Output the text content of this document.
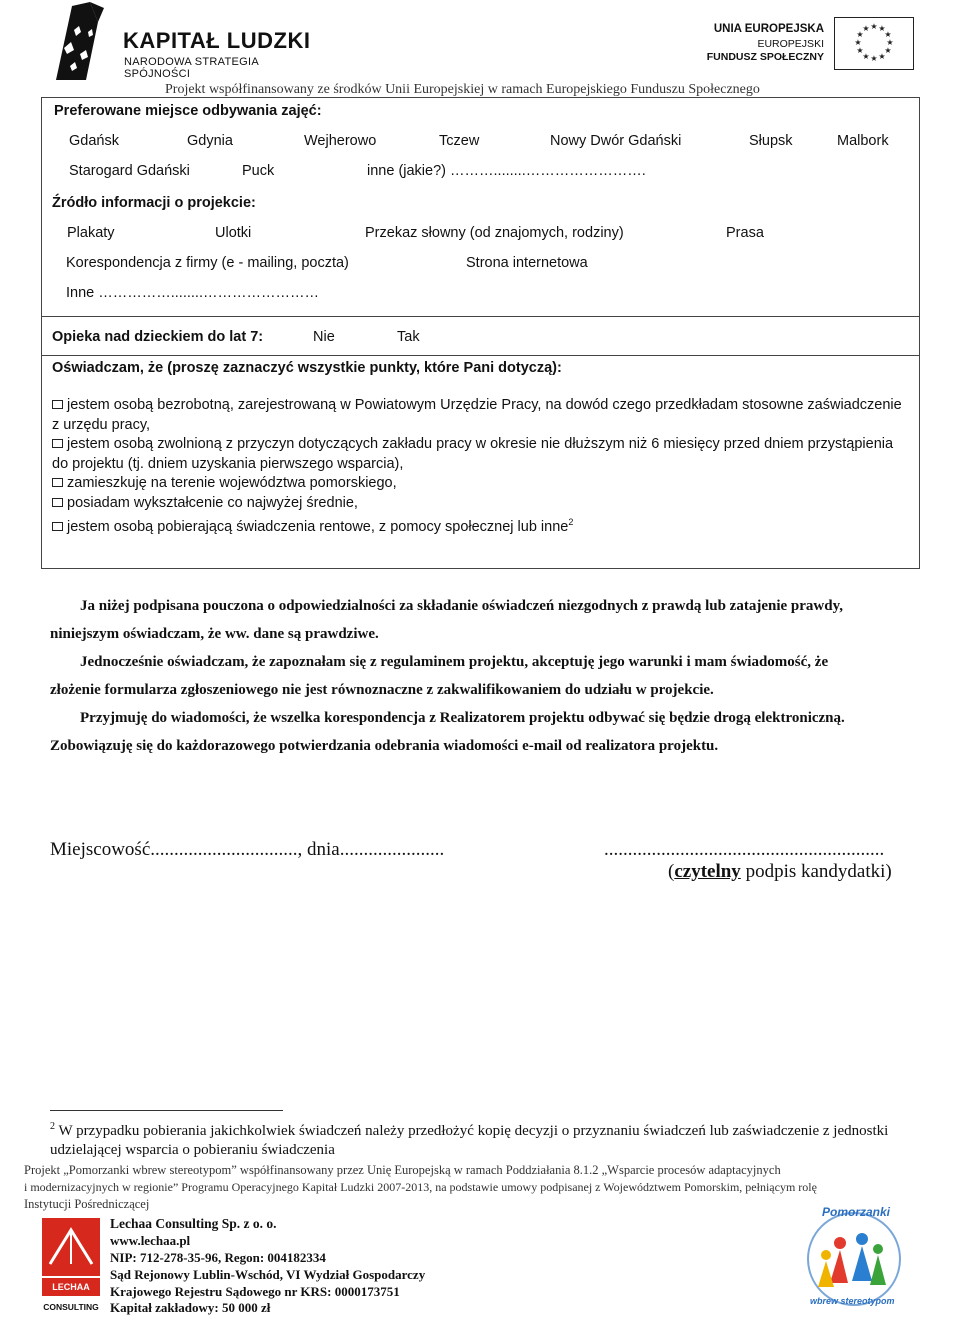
KAPITAŁ LUDZKI
NARODOWA STRATEGIA SPÓJNOŚCI
UNIA EUROPEJSKA
EUROPEJSKI
FUNDUSZ SPOŁECZNY
★ ★
★
★
★
★
★
★
★
★
★
★
Projekt współfinansowany ze środków Unii Europejskiej w ramach Europejskiego Funduszu Społecznego
Preferowane miejsce odbywania zajęć:
Gdańsk	Gdynia	Wejherowo	Tczew	Nowy Dwór Gdański	Słupsk	Malbork
Starogard Gdański	Puck	inne (jakie?) ………........…………………….
Źródło informacji o projekcie:
Plakaty	Ulotki	Przekaz słowny (od znajomych, rodziny)	Prasa
Korespondencja z firmy (e - mailing, poczta)	Strona internetowa
Inne ……………........……………………
Opieka nad dzieckiem do lat 7:	Nie	Tak
Oświadczam, że (proszę zaznaczyć wszystkie punkty, które Pani dotyczą):
jestem osobą bezrobotną, zarejestrowaną w Powiatowym Urzędzie Pracy, na dowód czego przedkładam stosowne zaświadczenie z urzędu pracy,
jestem osobą zwolnioną z przyczyn dotyczących zakładu pracy w okresie nie dłuższym niż 6 miesięcy przed dniem przystąpienia do projektu (tj. dniem uzyskania pierwszego wsparcia),
zamieszkuję na terenie województwa pomorskiego,
posiadam wykształcenie co najwyżej średnie,
jestem osobą pobierającą świadczenia rentowe, z pomocy społecznej lub inne$^2$
Ja niżej podpisana pouczona o odpowiedzialności za składanie oświadczeń niezgodnych z prawdą lub zatajenie prawdy,
niniejszym oświadczam, że ww. dane są prawdziwe.
Jednocześnie oświadczam, że zapoznałam się z regulaminem projektu, akceptuję jego warunki i mam świadomość, że
złożenie formularza zgłoszeniowego nie jest równoznaczne z zakwalifikowaniem do udziału w projekcie.
Przyjmuję do wiadomości, że wszelka korespondencja z Realizatorem projektu odbywać się będzie drogą elektroniczną.
Zobowiązuję się do każdorazowego potwierdzania odebrania wiadomości e-mail od realizatora projektu.
Miejscowość..............................., dnia......................	...........................................................
(czytelny podpis kandydatki)
$^2$ W przypadku pobierania jakichkolwiek świadczeń należy przedłożyć kopię decyzji o przyznaniu świadczeń lub zaświadczenie z jednostki udzielającej wsparcia o pobieraniu świadczenia
Projekt „Pomorzanki wbrew stereotypom” współfinansowany przez Unię Europejską w ramach Poddziałania 8.1.2 „Wsparcie procesów adaptacyjnych
i modernizacyjnych w regionie” Programu Operacyjnego Kapitał Ludzki 2007-2013, na podstawie umowy podpisanej z Województwem Pomorskim, pełniącym rolę
Instytucji Pośredniczącej
LECHAA
CONSULTING
Lechaa Consulting Sp. z o. o.
www.lechaa.pl
NIP: 712-278-35-96, Regon: 004182334
Sąd Rejonowy Lublin-Wschód, VI Wydział Gospodarczy
Krajowego Rejestru Sądowego nr KRS: 0000173751
Kapitał zakładowy: 50 000 zł
Pomorzanki
wbrew stereotypom
